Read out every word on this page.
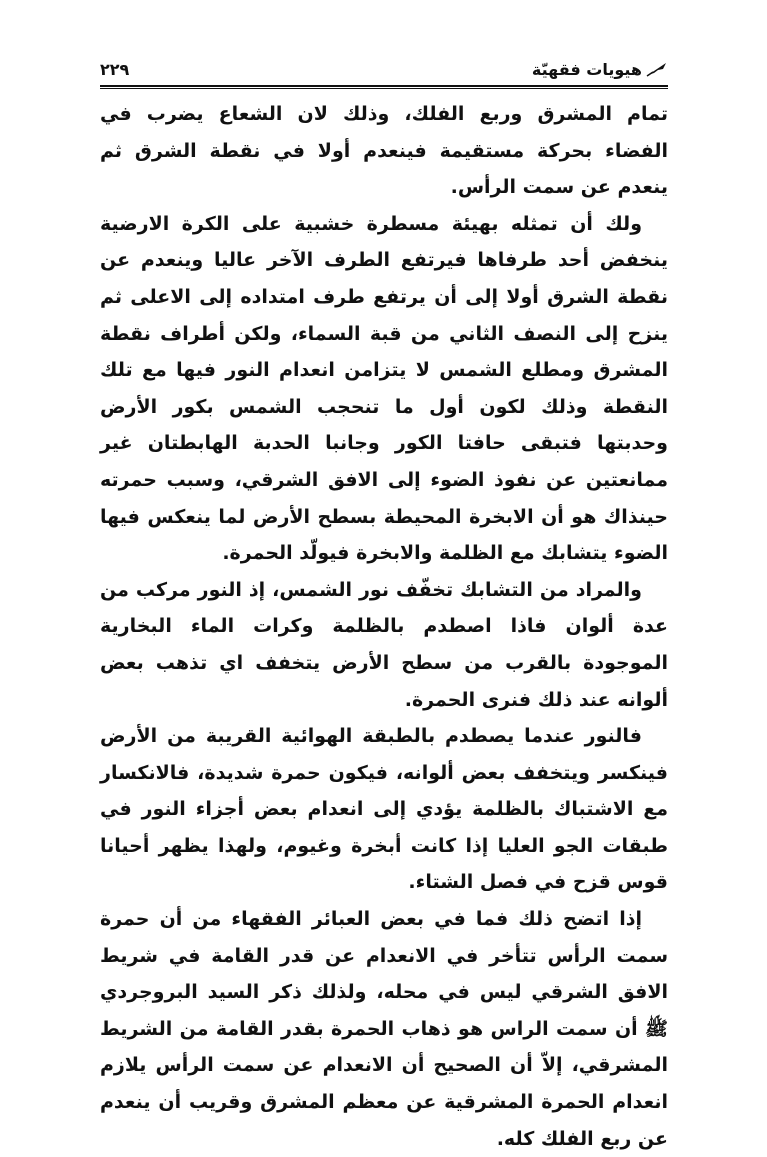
هيويات فقهيّة
٢٢٩

تمام المشرق وربع الفلك، وذلك لان الشعاع يضرب في الفضاء بحركة مستقيمة فينعدم أولا في نقطة الشرق ثم ينعدم عن سمت الرأس.

ولك أن تمثله بهيئة مسطرة خشبية على الكرة الارضية ينخفض أحد طرفاها فيرتفع الطرف الآخر عاليا وينعدم عن نقطة الشرق أولا إلى أن يرتفع طرف امتداده إلى الاعلى ثم ينزح إلى النصف الثاني من قبة السماء، ولكن أطراف نقطة المشرق ومطلع الشمس لا يتزامن انعدام النور فيها مع تلك النقطة وذلك لكون أول ما تنحجب الشمس بكور الأرض وحدبتها فتبقى حافتا الكور وجانبا الحدبة الهابطتان غير ممانعتين عن نفوذ الضوء إلى الافق الشرقي، وسبب حمرته حينذاك هو أن الابخرة المحيطة بسطح الأرض لما ينعكس فيها الضوء يتشابك مع الظلمة والابخرة فيولّد الحمرة.

والمراد من التشابك تخفّف نور الشمس، إذ النور مركب من عدة ألوان فاذا اصطدم بالظلمة وكرات الماء البخارية الموجودة بالقرب من سطح الأرض يتخفف اي تذهب بعض ألوانه عند ذلك فنرى الحمرة.

فالنور عندما يصطدم بالطبقة الهوائية القريبة من الأرض فينكسر ويتخفف بعض ألوانه، فيكون حمرة شديدة، فالانكسار مع الاشتباك بالظلمة يؤدي إلى انعدام بعض أجزاء النور في طبقات الجو العليا إذا كانت أبخرة وغيوم، ولهذا يظهر أحيانا قوس قزح في فصل الشتاء.

إذا اتضح ذلك فما في بعض العبائر الفقهاء من أن حمرة سمت الرأس تتأخر في الانعدام عن قدر القامة في شريط الافق الشرقي ليس في محله، ولذلك ذكر السيد البروجردي ﷺ أن سمت الراس هو ذهاب الحمرة بقدر القامة من الشريط المشرقي، إلاّ أن الصحيح أن الانعدام عن سمت الرأس يلازم انعدام الحمرة المشرقية عن معظم المشرق وقريب أن ينعدم عن ربع الفلك كله.
